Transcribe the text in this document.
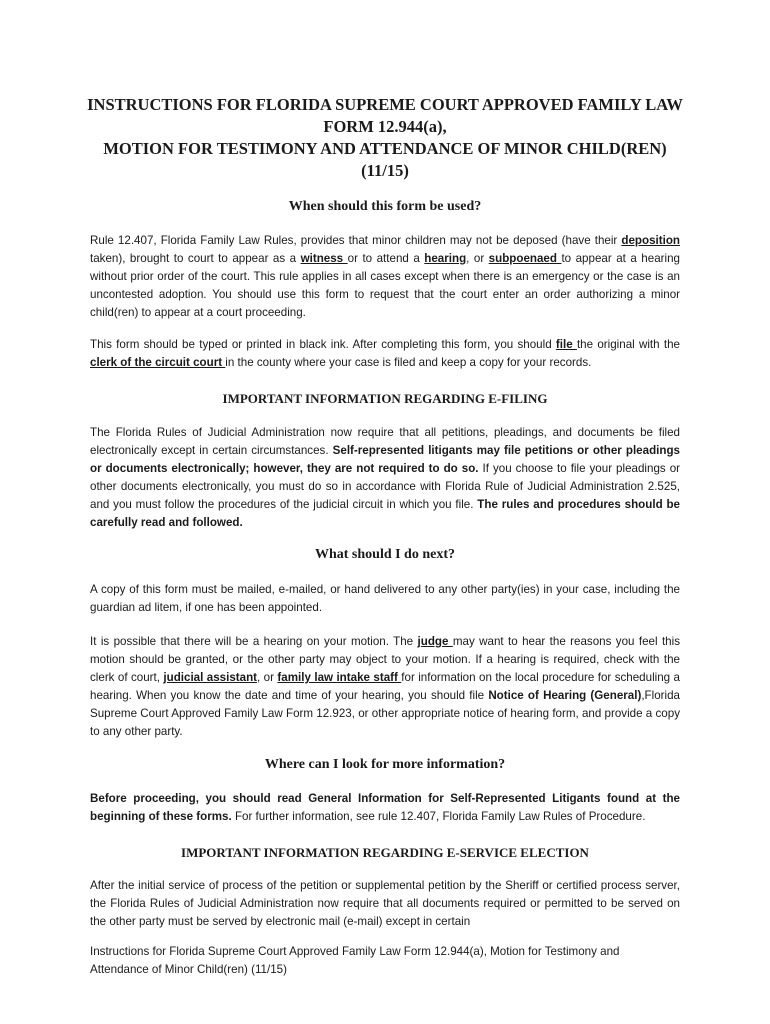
INSTRUCTIONS FOR FLORIDA SUPREME COURT APPROVED FAMILY LAW
FORM 12.944(a),
MOTION FOR TESTIMONY AND ATTENDANCE OF MINOR CHILD(REN)
(11/15)
When should this form be used?
Rule 12.407, Florida Family Law Rules, provides that minor children may not be deposed (have their deposition taken), brought to court to appear as a witness or to attend a hearing, or subpoenaed to appear at a hearing without prior order of the court. This rule applies in all cases except when there is an emergency or the case is an uncontested adoption. You should use this form to request that the court enter an order authorizing a minor child(ren) to appear at a court proceeding.
This form should be typed or printed in black ink. After completing this form, you should file the original with the clerk of the circuit court in the county where your case is filed and keep a copy for your records.
IMPORTANT INFORMATION REGARDING E-FILING
The Florida Rules of Judicial Administration now require that all petitions, pleadings, and documents be filed electronically except in certain circumstances. Self-represented litigants may file petitions or other pleadings or documents electronically; however, they are not required to do so. If you choose to file your pleadings or other documents electronically, you must do so in accordance with Florida Rule of Judicial Administration 2.525, and you must follow the procedures of the judicial circuit in which you file. The rules and procedures should be carefully read and followed.
What should I do next?
A copy of this form must be mailed, e-mailed, or hand delivered to any other party(ies) in your case, including the guardian ad litem, if one has been appointed.
It is possible that there will be a hearing on your motion. The judge may want to hear the reasons you feel this motion should be granted, or the other party may object to your motion. If a hearing is required, check with the clerk of court, judicial assistant, or family law intake staff for information on the local procedure for scheduling a hearing. When you know the date and time of your hearing, you should file Notice of Hearing (General),Florida Supreme Court Approved Family Law Form 12.923, or other appropriate notice of hearing form, and provide a copy to any other party.
Where can I look for more information?
Before proceeding, you should read General Information for Self-Represented Litigants found at the beginning of these forms. For further information, see rule 12.407, Florida Family Law Rules of Procedure.
IMPORTANT INFORMATION REGARDING E-SERVICE ELECTION
After the initial service of process of the petition or supplemental petition by the Sheriff or certified process server, the Florida Rules of Judicial Administration now require that all documents required or permitted to be served on the other party must be served by electronic mail (e-mail) except in certain
Instructions for Florida Supreme Court Approved Family Law Form 12.944(a), Motion for Testimony and
Attendance of Minor Child(ren) (11/15)
